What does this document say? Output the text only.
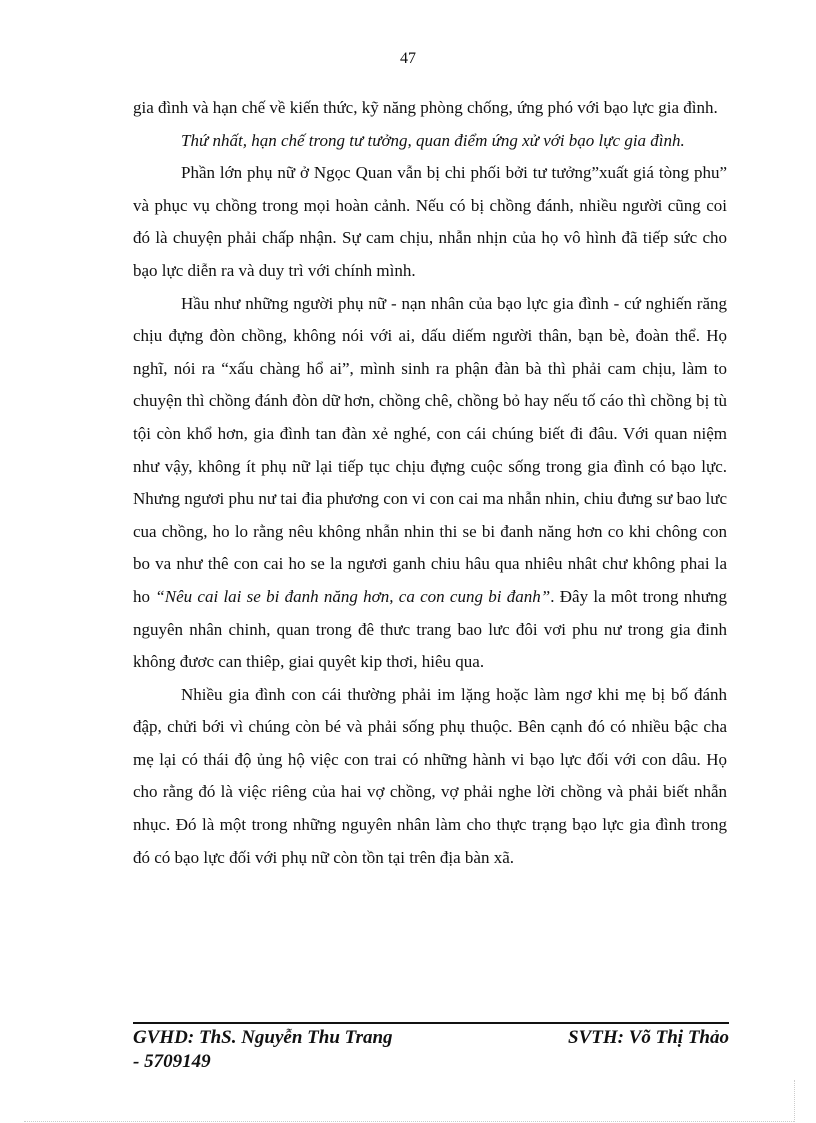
47

gia đình và hạn chế về kiến thức, kỹ năng phòng chống, ứng phó với bạo lực gia đình.

Thứ nhất, hạn chế trong tư tưởng, quan điểm ứng xử với bạo lực gia đình.

Phần lớn phụ nữ ở Ngọc Quan vẫn bị chi phối bởi tư tưởng”xuất giá tòng phu” và phục vụ chồng trong mọi hoàn cảnh. Nếu có bị chồng đánh, nhiều người cũng coi đó là chuyện phải chấp nhận. Sự cam chịu, nhẫn nhịn của họ vô hình đã tiếp sức cho bạo lực diễn ra và duy trì với chính mình.

Hầu như những người phụ nữ - nạn nhân của bạo lực gia đình - cứ nghiến răng chịu đựng đòn chồng, không nói với ai, dấu diếm người thân, bạn bè, đoàn thể. Họ nghĩ, nói ra “xấu chàng hổ ai”, mình sinh ra phận đàn bà thì phải cam chịu, làm to chuyện thì chồng đánh đòn dữ hơn, chồng chê, chồng bỏ hay nếu tố cáo thì chồng bị tù tội còn khổ hơn, gia đình tan đàn xẻ nghé, con cái chúng biết đi đâu. Với quan niệm như vậy, không ít phụ nữ lại tiếp tục chịu đựng cuộc sống trong gia đình có bạo lực. Nhưng ngươi phu nư tai đia phương con vi con cai ma nhẫn nhin, chiu đưng sư bao lưc cua chồng, ho lo rằng nêu không nhẫn nhin thi se bi đanh năng hơn co khi chông con bo va như thê con cai ho se la ngươi ganh chiu hâu qua nhiêu nhât chư không phai la ho “Nêu cai lai se bi đanh năng hơn, ca con cung bi đanh”. Đây la môt trong nhưng nguyên nhân chinh, quan trong đê thưc trang bao lưc đôi vơi phu nư trong gia đinh không đươc can thiêp, giai quyêt kip thơi, hiêu qua.

Nhiều gia đình con cái thường phải im lặng hoặc làm ngơ khi mẹ bị bố đánh đập, chửi bới vì chúng còn bé và phải sống phụ thuộc. Bên cạnh đó có nhiều bậc cha mẹ lại có thái độ ủng hộ việc con trai có những hành vi bạo lực đối với con dâu. Họ cho rằng đó là việc riêng của hai vợ chồng, vợ phải nghe lời chồng và phải biết nhẫn nhục. Đó là một trong những nguyên nhân làm cho thực trạng bạo lực gia đình trong đó có bạo lực đối với phụ nữ còn tồn tại trên địa bàn xã.

GVHD: ThS. Nguyễn Thu Trang	SVTH: Võ Thị Thảo
- 5709149
